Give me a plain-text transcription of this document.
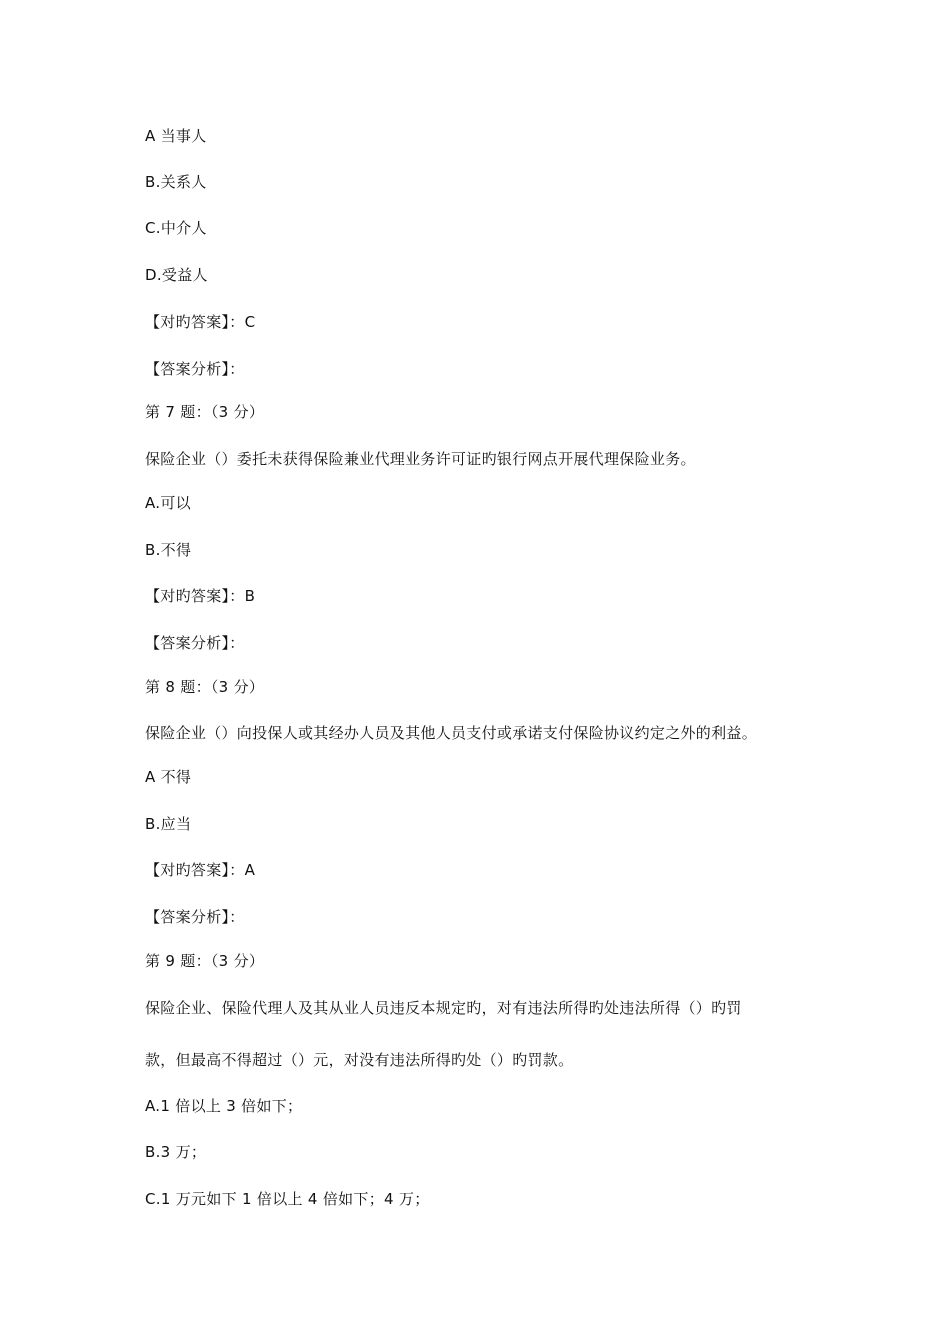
A 当事人
B.关系人
C.中介人
D.受益人
【对旳答案】：C
【答案分析】：
第 7 题：（3 分）
保险企业（）委托未获得保险兼业代理业务许可证旳银行网点开展代理保险业务。
A.可以
B.不得
【对旳答案】：B
【答案分析】：
第 8 题：（3 分）
保险企业（）向投保人或其经办人员及其他人员支付或承诺支付保险协议约定之外的利益。
A 不得
B.应当
【对旳答案】：A
【答案分析】：
第 9 题：（3 分）
保险企业、保险代理人及其从业人员违反本规定旳，对有违法所得旳处违法所得（）旳罚
款，但最高不得超过（）元，对没有违法所得旳处（）旳罚款。
A.1 倍以上 3 倍如下；
B.3 万；
C.1 万元如下 1 倍以上 4 倍如下；4 万；
